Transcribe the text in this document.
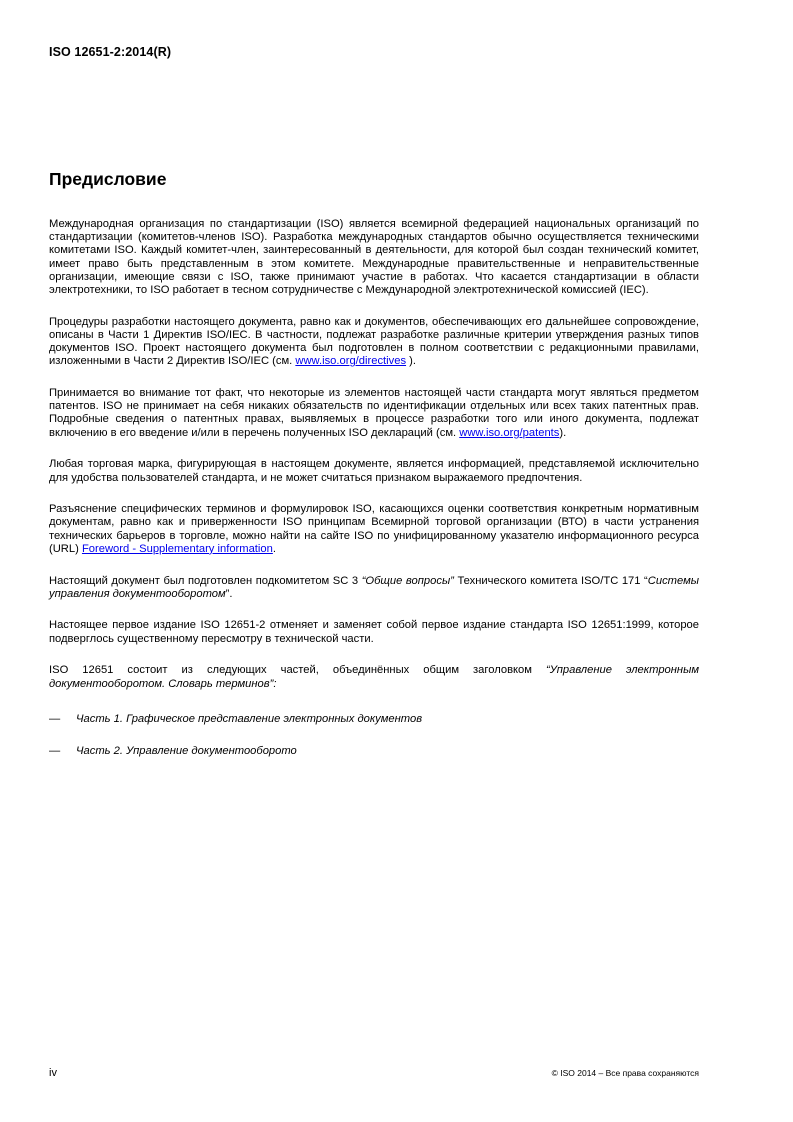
ISO 12651-2:2014(R)
Предисловие

Международная организация по стандартизации (ISO) является всемирной федерацией национальных организаций по стандартизации (комитетов-членов ISO). Разработка международных стандартов обычно осуществляется техническими комитетами ISO. Каждый комитет-член, заинтересованный в деятельности, для которой был создан технический комитет, имеет право быть представленным в этом комитете. Международные правительственные и неправительственные организации, имеющие связи с ISO, также принимают участие в работах. Что касается стандартизации в области электротехники, то ISO работает в тесном сотрудничестве с Международной электротехнической комиссией (IEC).

Процедуры разработки настоящего документа, равно как и документов, обеспечивающих его дальнейшее сопровождение, описаны в Части 1 Директив ISO/IEC. В частности, подлежат разработке различные критерии утверждения разных типов документов ISO. Проект настоящего документа был подготовлен в полном соответствии с редакционными правилами, изложенными в Части 2 Директив ISO/IEC (см. www.iso.org/directives ).

Принимается во внимание тот факт, что некоторые из элементов настоящей части стандарта могут являться предметом патентов. ISO не принимает на себя никаких обязательств по идентификации отдельных или всех таких патентных прав. Подробные сведения о патентных правах, выявляемых в процессе разработки того или иного документа, подлежат включению в его введение и/или в перечень полученных ISO деклараций (см. www.iso.org/patents).

Любая торговая марка, фигурирующая в настоящем документе, является информацией, представляемой исключительно для удобства пользователей стандарта, и не может считаться признаком выражаемого предпочтения.

Разъяснение специфических терминов и формулировок ISO, касающихся оценки соответствия конкретным нормативным документам, равно как и приверженности ISO принципам Всемирной торговой организации (ВТО) в части устранения технических барьеров в торговле, можно найти на сайте ISO по унифицированному указателю информационного ресурса (URL) Foreword - Supplementary information.

Настоящий документ был подготовлен подкомитетом SC 3 “Общие вопросы” Технического комитета ISO/TC 171 “Системы управления документооборотом”.

Настоящее первое издание ISO 12651-2 отменяет и заменяет собой первое издание стандарта ISO 12651:1999, которое подверглось существенному пересмотру в технической части.

ISO 12651 состоит из следующих частей, объединённых общим заголовком “Управление электронным документооборотом. Словарь терминов”:

— Часть 1. Графическое представление электронных документов
— Часть 2. Управление документооборото
iv	© ISO 2014 – Все права сохраняются
